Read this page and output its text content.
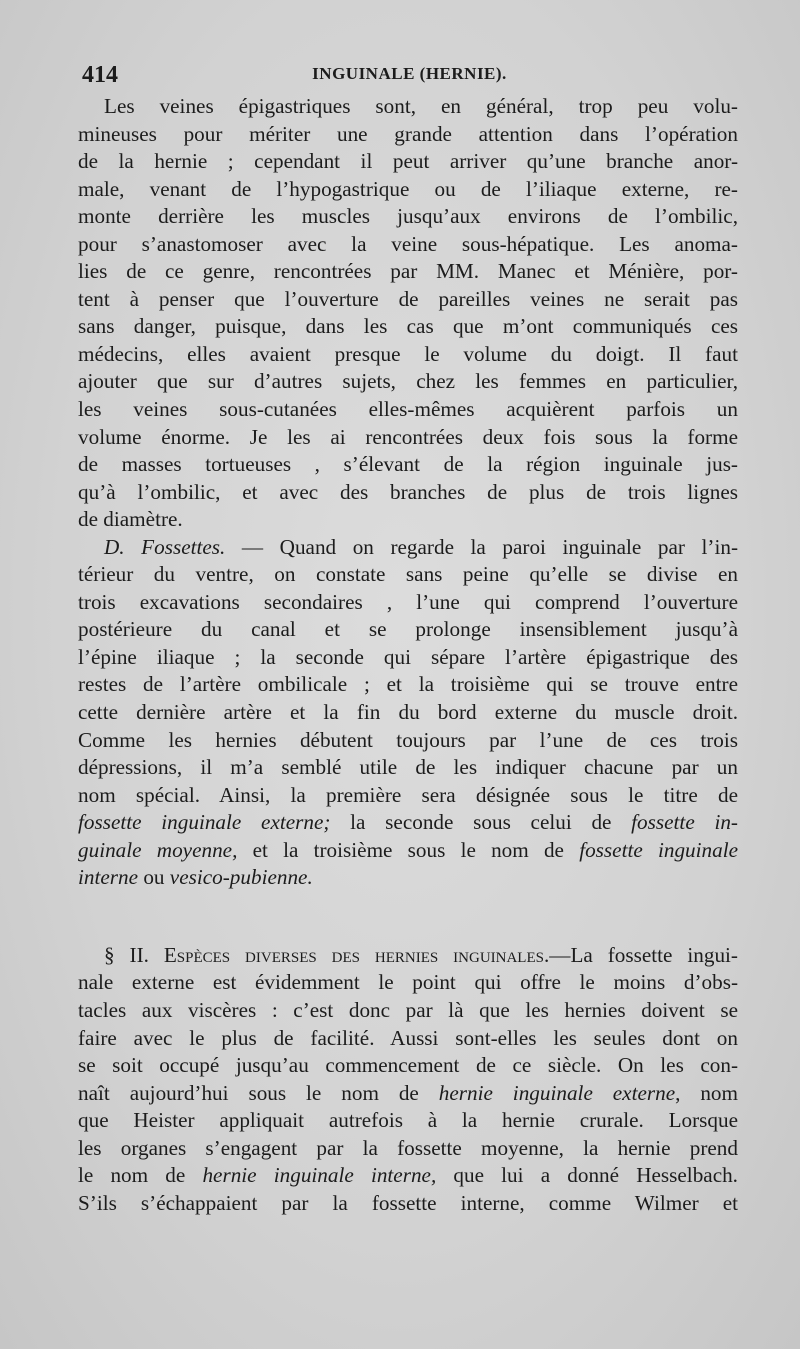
414	INGUINALE (HERNIE).
Les veines épigastriques sont, en général, trop peu volu-
mineuses pour mériter une grande attention dans l’opération
de la hernie ; cependant il peut arriver qu’une branche anor-
male, venant de l’hypogastrique ou de l’iliaque externe, re-
monte derrière les muscles jusqu’aux environs de l’ombilic,
pour s’anastomoser avec la veine sous-hépatique. Les anoma-
lies de ce genre, rencontrées par MM. Manec et Ménière, por-
tent à penser que l’ouverture de pareilles veines ne serait pas
sans danger, puisque, dans les cas que m’ont communiqués ces
médecins, elles avaient presque le volume du doigt. Il faut
ajouter que sur d’autres sujets, chez les femmes en particulier,
les veines sous-cutanées elles-mêmes acquièrent parfois un
volume énorme. Je les ai rencontrées deux fois sous la forme
de masses tortueuses , s’élevant de la région inguinale jus-
qu’à l’ombilic, et avec des branches de plus de trois lignes
de diamètre.
D. Fossettes. — Quand on regarde la paroi inguinale par l’in-
térieur du ventre, on constate sans peine qu’elle se divise en
trois excavations secondaires , l’une qui comprend l’ouverture
postérieure du canal et se prolonge insensiblement jusqu’à
l’épine iliaque ; la seconde qui sépare l’artère épigastrique des
restes de l’artère ombilicale ; et la troisième qui se trouve entre
cette dernière artère et la fin du bord externe du muscle droit.
Comme les hernies débutent toujours par l’une de ces trois
dépressions, il m’a semblé utile de les indiquer chacune par un
nom spécial. Ainsi, la première sera désignée sous le titre de
fossette inguinale externe; la seconde sous celui de fossette in-
guinale moyenne, et la troisième sous le nom de fossette inguinale
interne ou vesico-pubienne.
§ II. Espèces diverses des hernies inguinales.—La fossette ingui-
nale externe est évidemment le point qui offre le moins d’obs-
tacles aux viscères : c’est donc par là que les hernies doivent se
faire avec le plus de facilité. Aussi sont-elles les seules dont on
se soit occupé jusqu’au commencement de ce siècle. On les con-
naît aujourd’hui sous le nom de hernie inguinale externe, nom
que Heister appliquait autrefois à la hernie crurale. Lorsque
les organes s’engagent par la fossette moyenne, la hernie prend
le nom de hernie inguinale interne, que lui a donné Hesselbach.
S’ils s’échappaient par la fossette interne, comme Wilmer et
